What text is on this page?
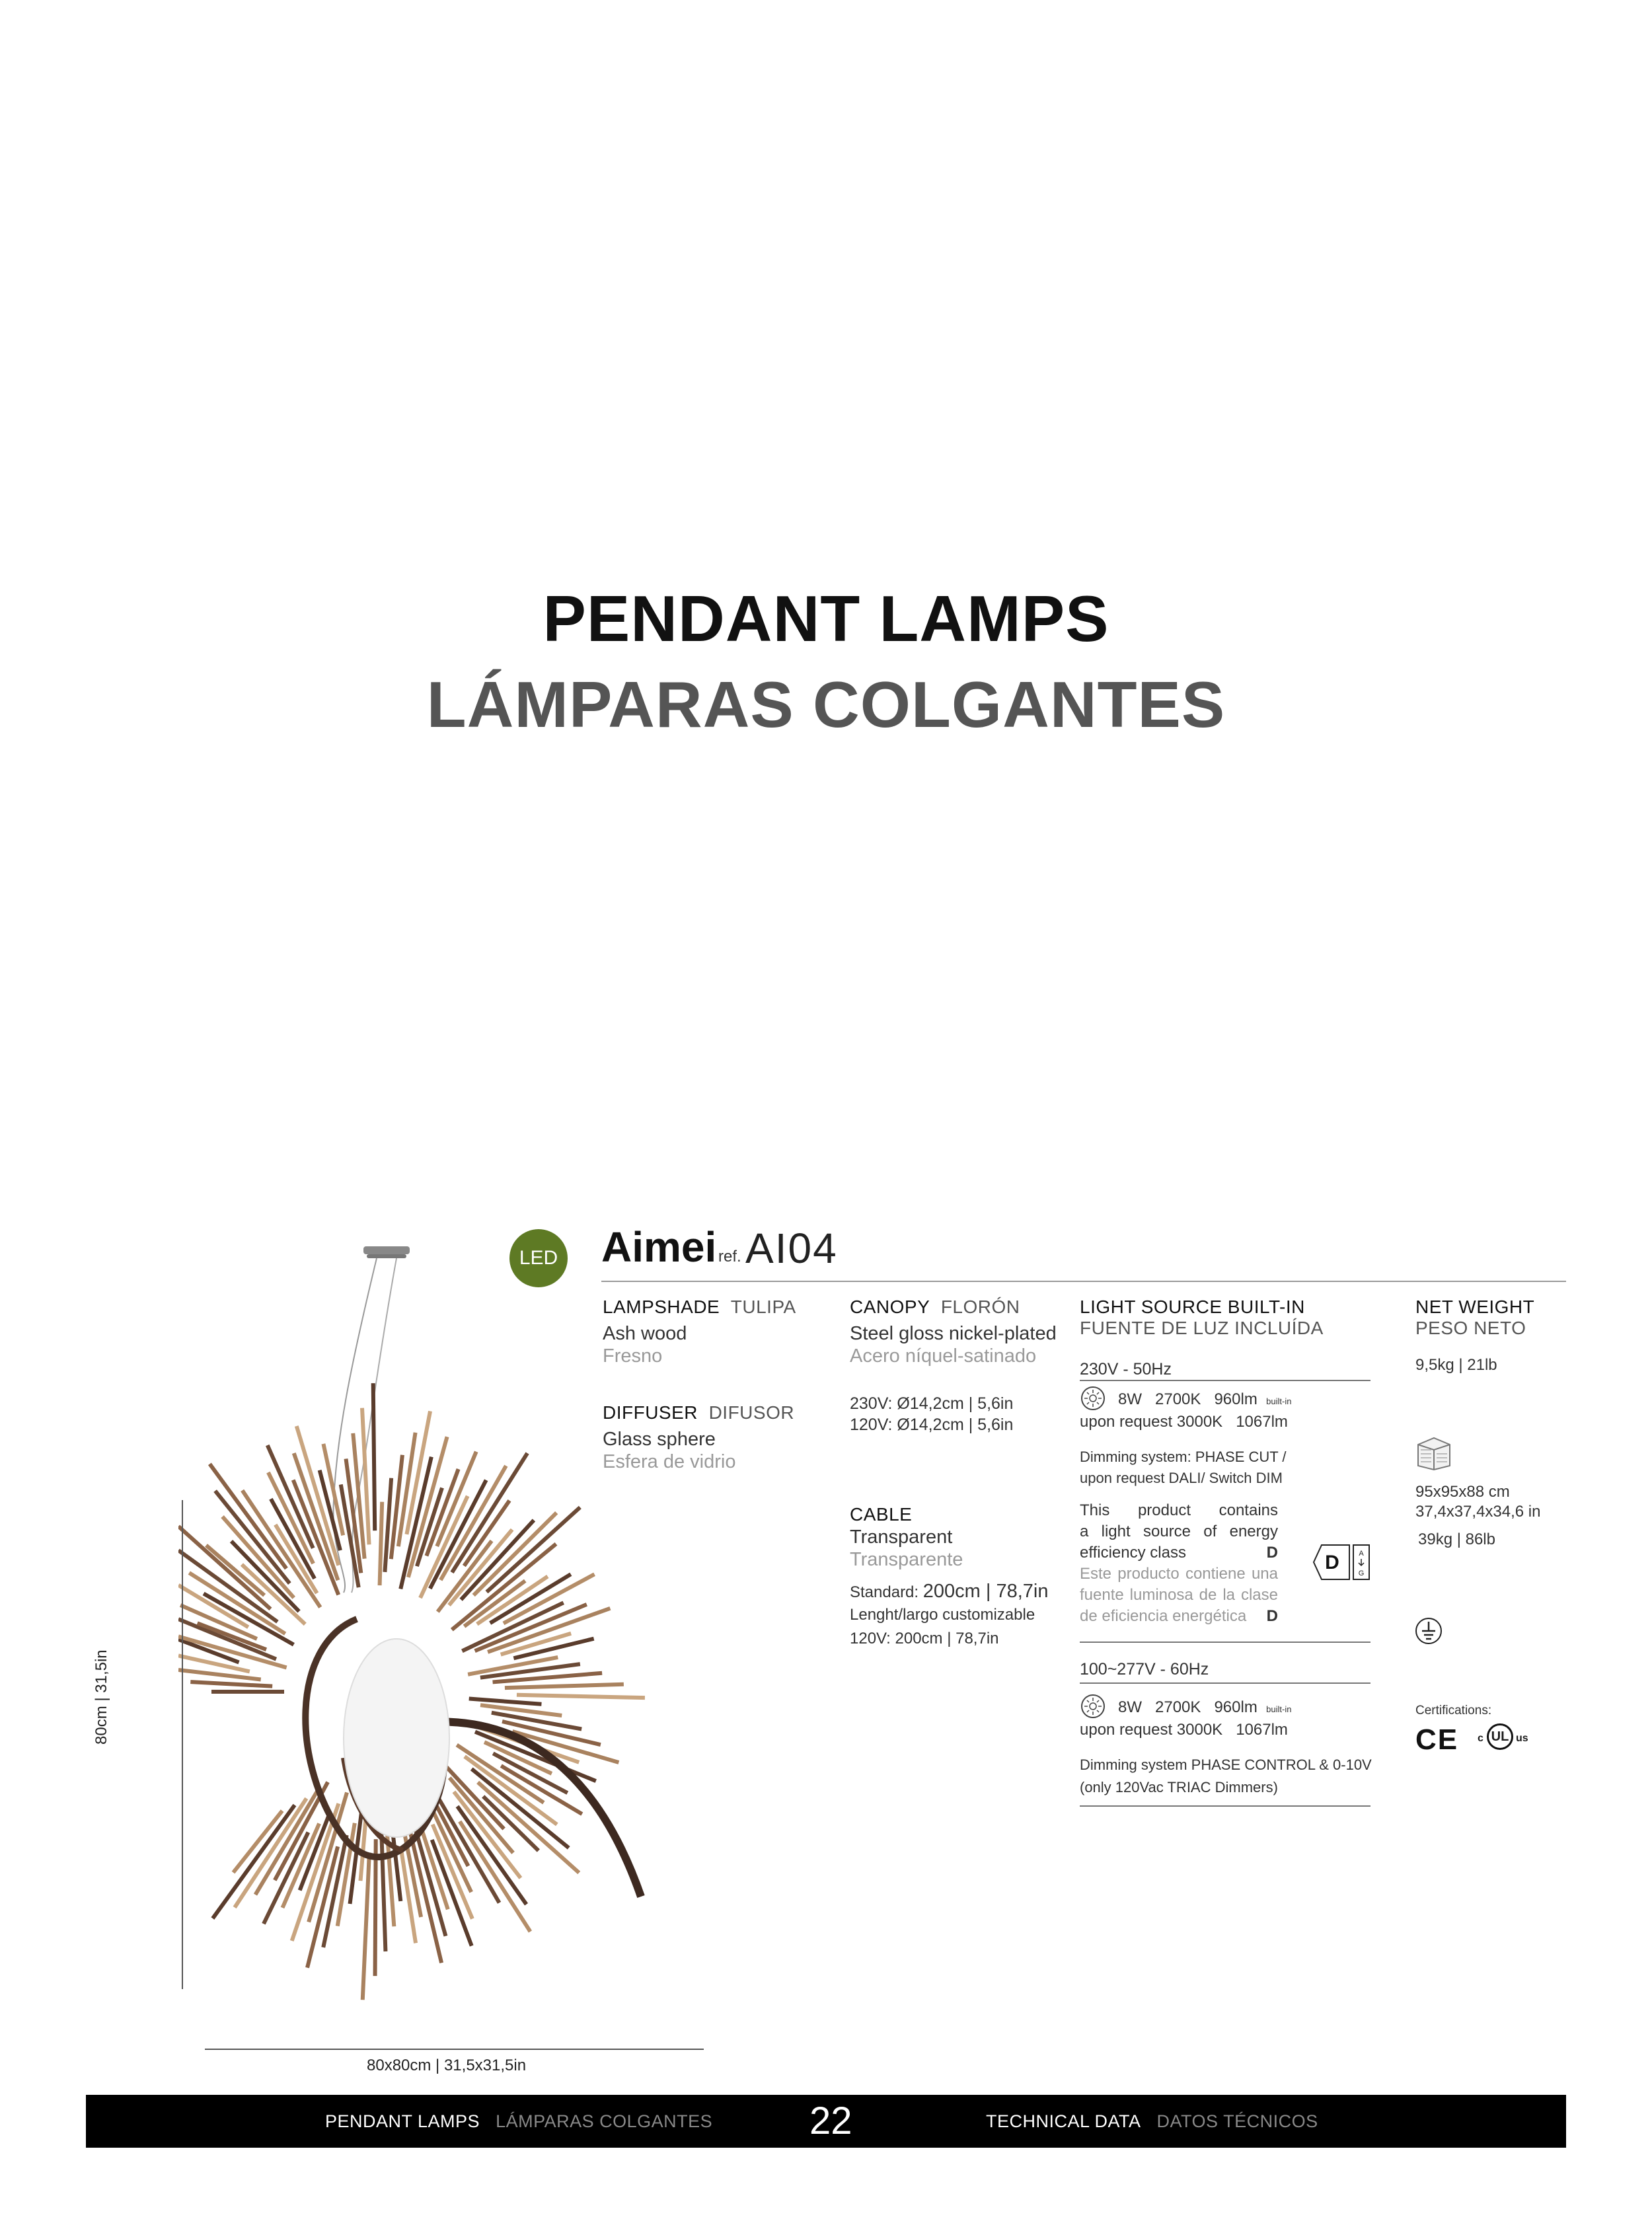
PENDANT LAMPS
LÁMPARAS COLGANTES
80cm | 31,5in
80x80cm | 31,5x31,5in
LED Aimei ref. AI04
LAMPSHADE TULIPA
Ash wood
Fresno
DIFFUSER DIFUSOR
Glass sphere
Esfera de vidrio
CANOPY FLORÓN
Steel gloss nickel-plated
Acero níquel-satinado
230V: Ø14,2cm | 5,6in
120V: Ø14,2cm | 5,6in
CABLE
Transparent
Transparente
Standard: 200cm | 78,7in
Lenght/largo customizable
120V: 200cm | 78,7in
LIGHT SOURCE BUILT-IN
FUENTE DE LUZ INCLUÍDA
230V - 50Hz
8W 2700K 960lm built-in
upon request 3000K 1067lm
Dimming system: PHASE CUT /
upon request DALI/ Switch DIM
This product contains
a light source of energy
efficiency class	D
Este producto contiene una
fuente luminosa de la clase
de eficiencia energética D
D	A
G
100~277V - 60Hz
8W 2700K 960lm built-in
upon request 3000K 1067lm
Dimming system PHASE CONTROL & 0-10V
(only 120Vac TRIAC Dimmers)
NET WEIGHT
PESO NETO
9,5kg | 21lb
95x95x88 cm
37,4x37,4x34,6 in
39kg | 86lb
Certifications:
CE c UL us
PENDANT LAMPS LÁMPARAS COLGANTES	22	TECHNICAL DATA DATOS TÉCNICOS
